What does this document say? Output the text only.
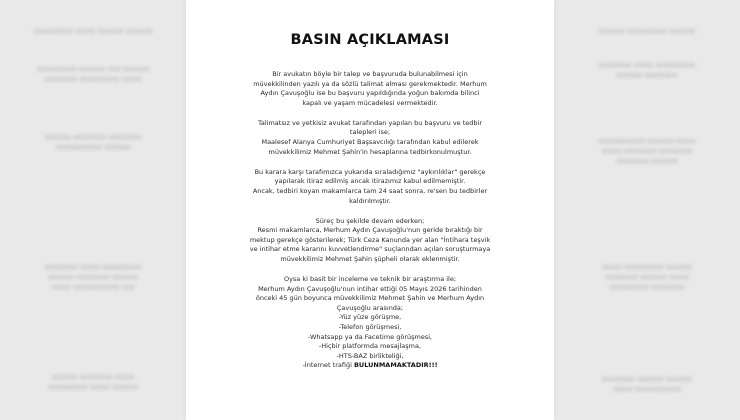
▬▬▬▬▬▬ ▬▬▬ ▬▬▬▬ ▬▬▬▬
▬▬▬▬▬▬ ▬▬▬▬ ▬▬ ▬▬▬▬
▬▬▬▬▬ ▬▬▬▬▬▬ ▬▬▬
▬▬▬▬ ▬▬▬▬▬ ▬▬▬▬▬
▬▬▬▬▬▬▬ ▬▬▬▬
▬▬▬▬▬ ▬▬▬ ▬▬▬▬▬▬
▬▬▬▬ ▬▬▬▬▬ ▬▬▬▬
▬▬▬ ▬▬▬▬▬▬▬ ▬▬
▬▬▬▬ ▬▬▬▬▬ ▬▬▬
▬▬▬▬▬▬ ▬▬▬ ▬▬▬▬
▬▬▬▬ ▬▬▬▬▬▬ ▬▬▬▬
▬▬▬▬▬ ▬▬▬ ▬▬▬▬▬▬
▬▬▬▬ ▬▬▬▬▬
▬▬▬▬▬▬▬ ▬▬▬▬ ▬▬▬
▬▬▬ ▬▬▬▬▬ ▬▬▬▬▬
▬▬▬▬▬ ▬▬▬▬
▬▬▬ ▬▬▬▬▬▬ ▬▬▬▬
▬▬▬▬▬ ▬▬▬▬ ▬▬▬
▬▬▬▬▬▬ ▬▬▬▬▬
▬▬▬▬▬ ▬▬▬▬ ▬▬▬▬
▬▬▬ ▬▬▬▬▬▬▬
BASIN AÇIKLAMASI

Bir avukatın böyle bir talep ve başvuruda bulunabilmesi için
müvekkilinden yazılı ya da sözlü talimat alması gerekmektedir. Merhum
Aydın Çavuşoğlu ise bu başvuru yapıldığında yoğun bakımda bilinci
kapalı ve yaşam mücadelesi vermektedir.

Talimatsız ve yetkisiz avukat tarafından yapılan bu başvuru ve tedbir
talepleri ise;
Maalesef Alanya Cumhuriyet Başsavcılığı tarafından kabul edilerek
müvekkilimiz Mehmet Şahin'in hesaplarına tedbirkonulmuştur.

Bu karara karşı tarafımızca yukarıda sıraladığımız "aykırılıklar" gerekçe
yapılarak itiraz edilmiş ancak itirazımız kabul edilmemiştir.
Ancak, tedbiri koyan makamlarca tam 24 saat sonra, re'sen bu tedbirler
kaldırılmıştır.

Süreç bu şekilde devam ederken;
Resmi makamlarca, Merhum Aydın Çavuşoğlu'nun geride bıraktığı bir
mektup gerekçe gösterilerek; Türk Ceza Kanunda yer alan "İntihara teşvik
ve intihar etme kararını kuvvetlendirme" suçlarından açılan soruşturmaya
müvekkilimiz Mehmet Şahin şüpheli olarak eklenmiştir.

Oysa ki basit bir inceleme ve teknik bir araştırma ile;
Merhum Aydın Çavuşoğlu'nun intihar ettiği 05 Mayıs 2026 tarihinden
önceki 45 gün boyunca müvekkilimiz Mehmet Şahin ve Merhum Aydın
Çavuşoğlu arasında;
-Yüz yüze görüşme,
-Telefon görüşmesi,
-Whatsapp ya da Facetime görüşmesi,
-Hiçbir platformda mesajlaşma,
-HTS-BAZ birlikteliği,
-İnternet trafiği BULUNMAMAKTADIR!!!
